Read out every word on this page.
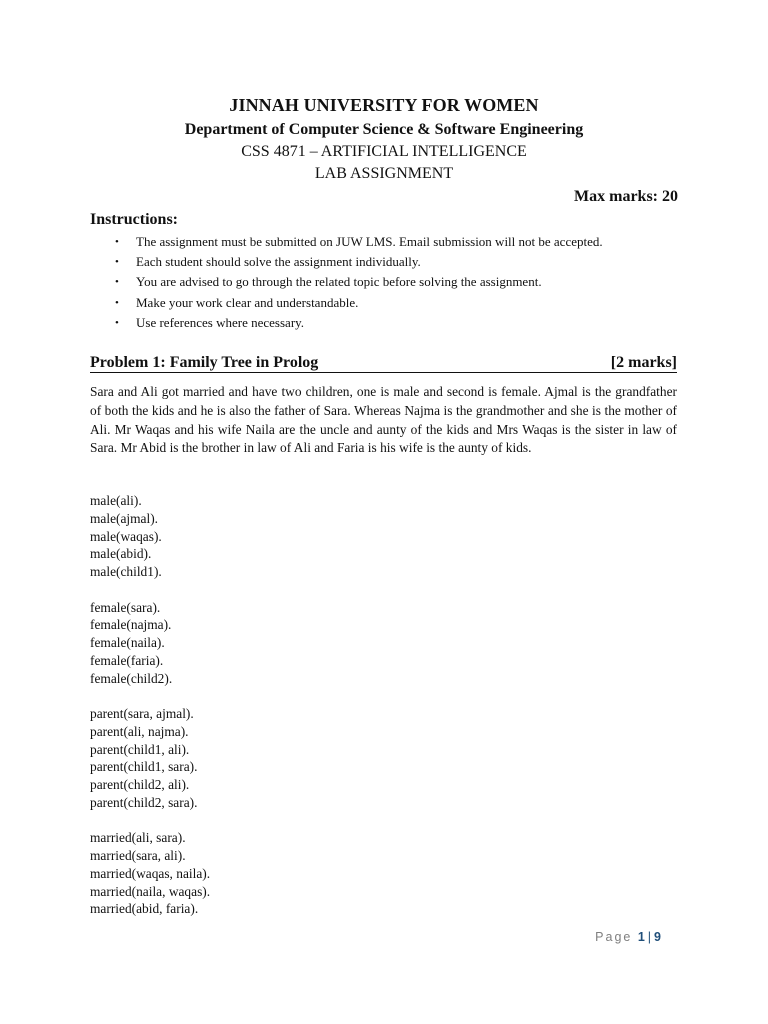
JINNAH UNIVERSITY FOR WOMEN
Department of Computer Science & Software Engineering
CSS 4871 – ARTIFICIAL INTELLIGENCE
LAB ASSIGNMENT
Max marks: 20
Instructions:
• The assignment must be submitted on JUW LMS. Email submission will not be accepted.
• Each student should solve the assignment individually.
• You are advised to go through the related topic before solving the assignment.
• Make your work clear and understandable.
• Use references where necessary.
Problem 1: Family Tree in Prolog	[2 marks]

Sara and Ali got married and have two children, one is male and second is female. Ajmal is the grandfather of both the kids and he is also the father of Sara. Whereas Najma is the grandmother and she is the mother of Ali. Mr Waqas and his wife Naila are the uncle and aunty of the kids and Mrs Waqas is the sister in law of Sara. Mr Abid is the brother in law of Ali and Faria is his wife is the aunty of kids.

male(ali).
male(ajmal).
male(waqas).
male(abid).
male(child1).
female(sara).
female(najma).
female(naila).
female(faria).
female(child2).
parent(sara, ajmal).
parent(ali, najma).
parent(child1, ali).
parent(child1, sara).
parent(child2, ali).
parent(child2, sara).
married(ali, sara).
married(sara, ali).
married(waqas, naila).
married(naila, waqas).
married(abid, faria).
Page 1 | 9
